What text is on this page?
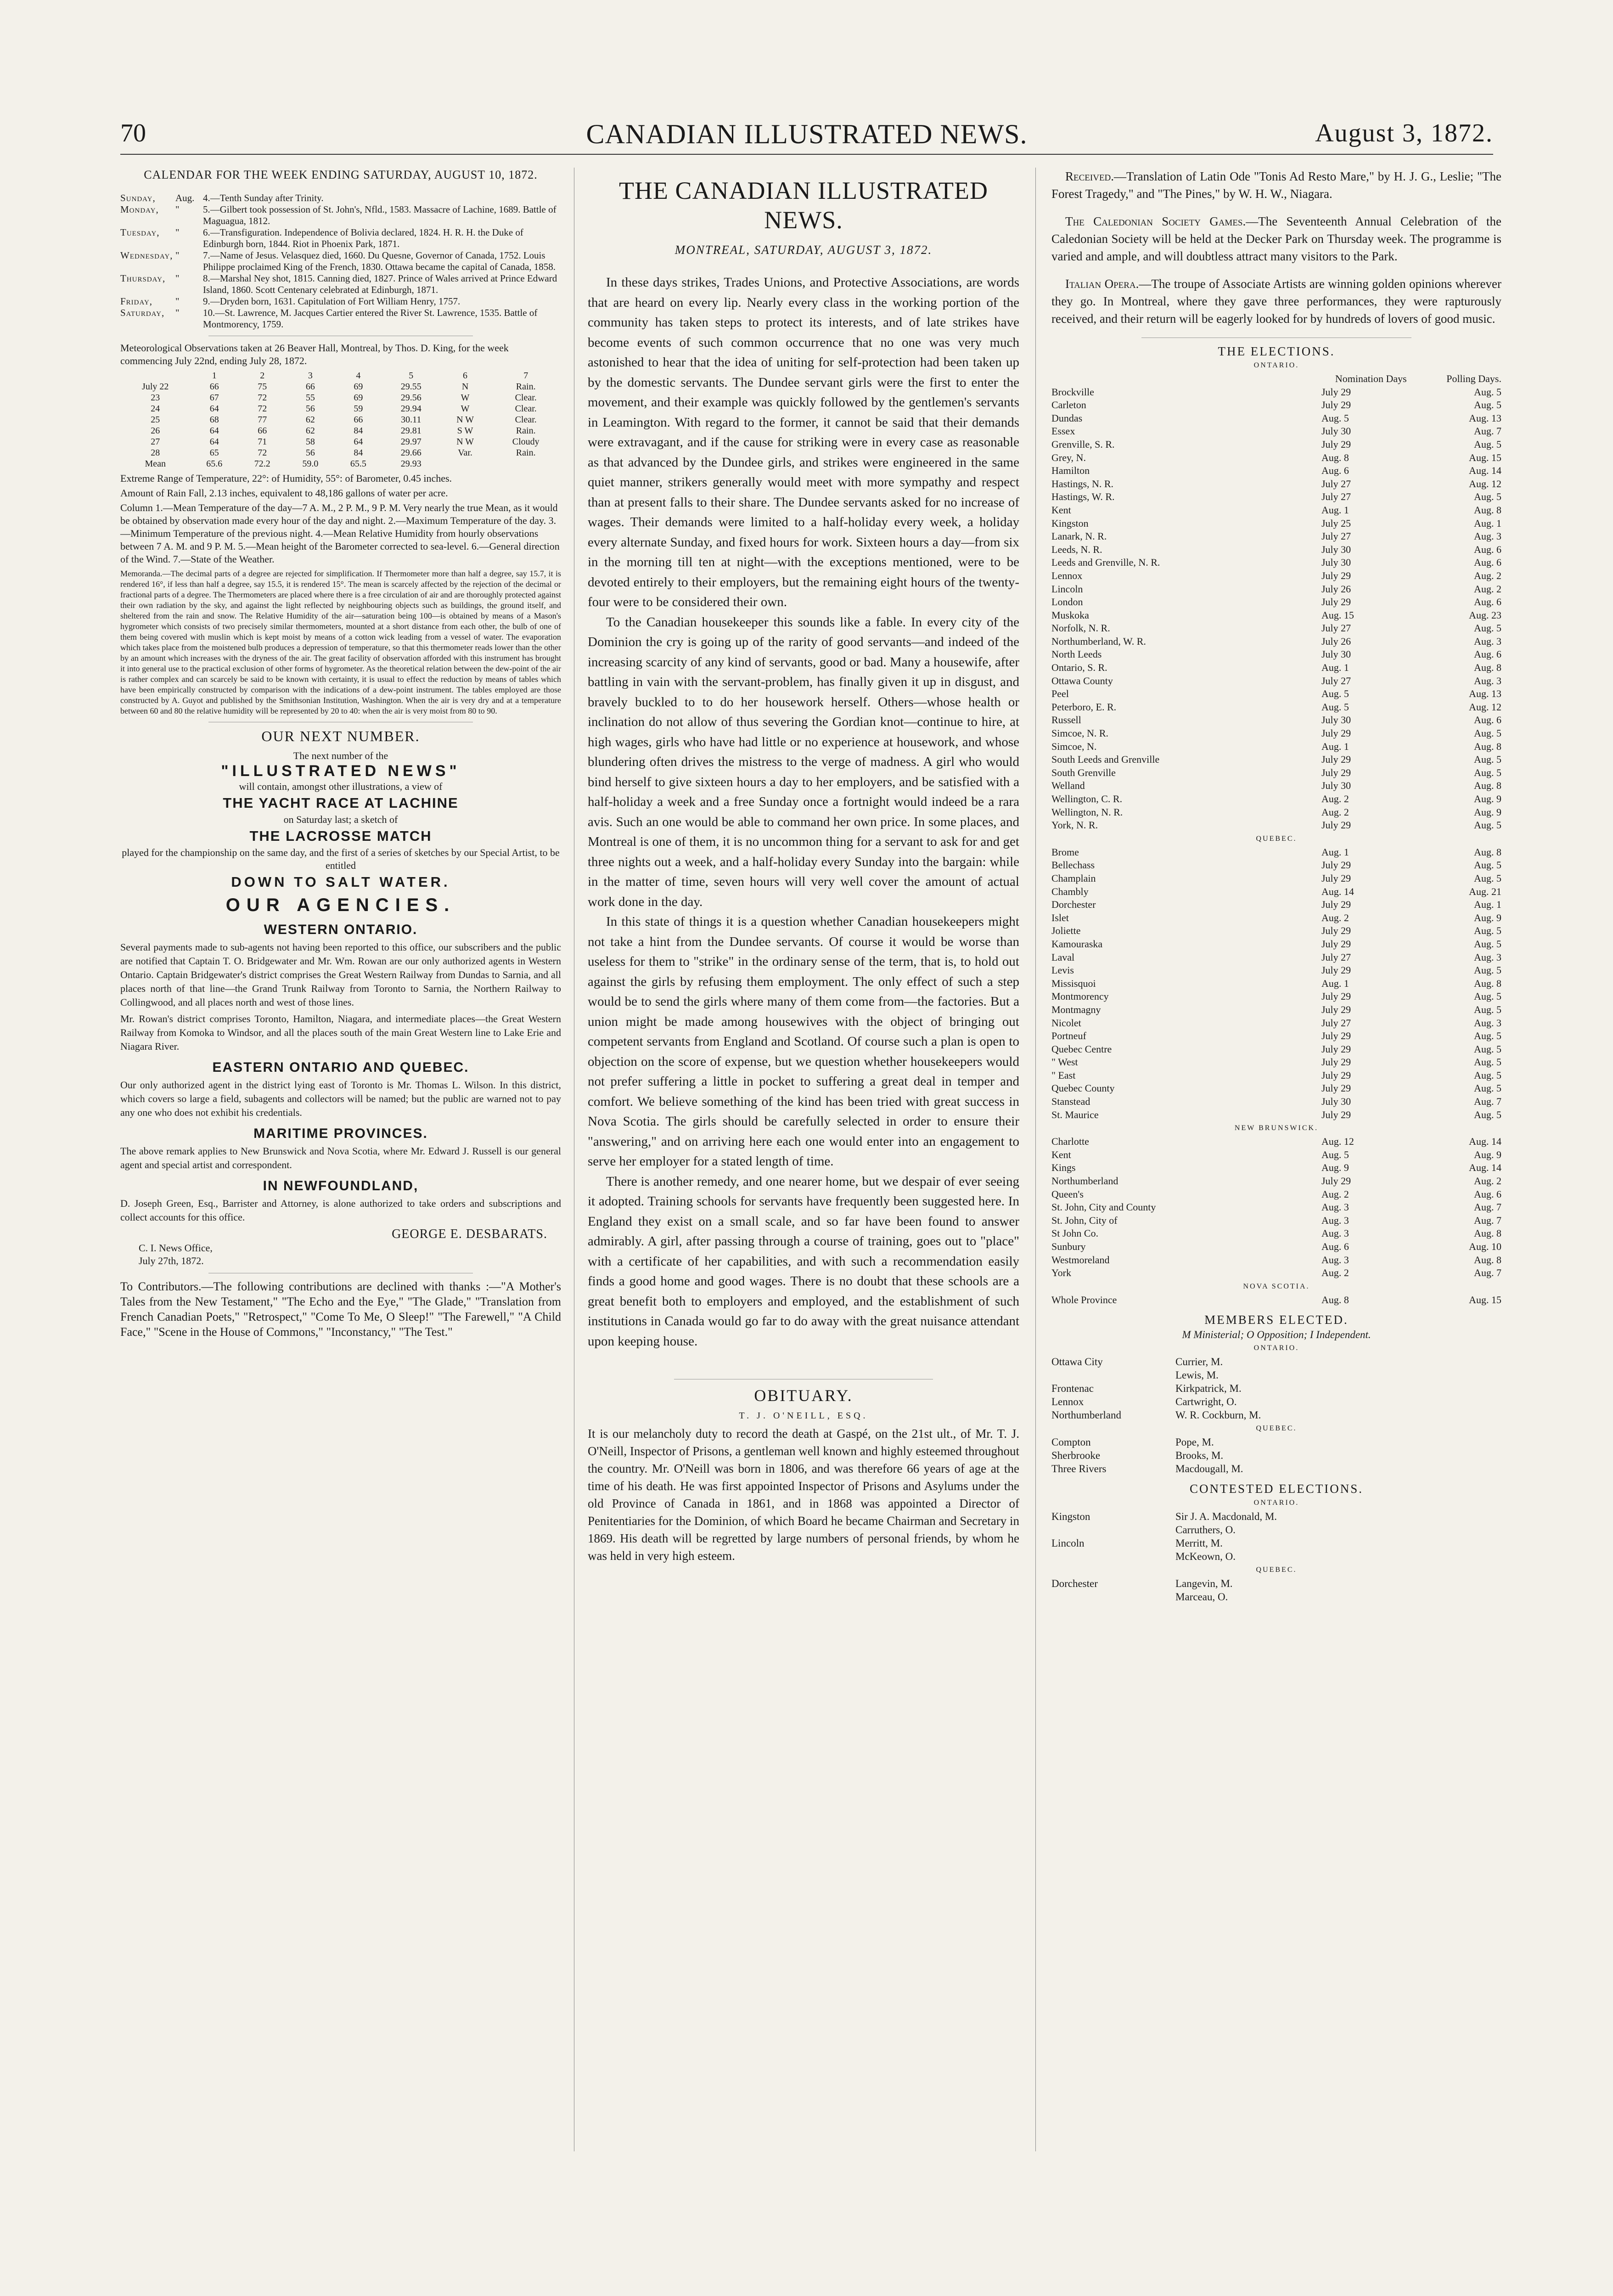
70	CANADIAN ILLUSTRATED NEWS.	August 3, 1872.
CALENDAR FOR THE WEEK ENDING SATURDAY, AUGUST 10, 1872.
Sunday,	Aug. 4.—Tenth Sunday after Trinity.
Monday,	"	5.—Gilbert took possession of St. John's, Nfld., 1583. Massacre of Lachine, 1689. Battle of Maguagua, 1812.
Tuesday,	"	6.—Transfiguration. Independence of Bolivia declared, 1824. H. R. H. the Duke of Edinburgh born, 1844. Riot in Phoenix Park, 1871.
Wednesday, "	7.—Name of Jesus. Velasquez died, 1660. Du Quesne, Governor of Canada, 1752. Louis Philippe proclaimed King of the French, 1830. Ottawa became the capital of Canada, 1858.
Thursday,	"	8.—Marshal Ney shot, 1815. Canning died, 1827. Prince of Wales arrived at Prince Edward Island, 1860. Scott Centenary celebrated at Edinburgh, 1871.
Friday,	"	9.—Dryden born, 1631. Capitulation of Fort William Henry, 1757.
Saturday,	"	10.—St. Lawrence, M. Jacques Cartier entered the River St. Lawrence, 1535. Battle of Montmorency, 1759.
Meteorological Observations taken at 26 Beaver Hall, Montreal, by Thos. D. King, for the week commencing July 22nd, ending July 28, 1872.
	1	2	3	4	5	6	7
July 22	66	75	66	69	29.55	N	Rain.
23	67	72	55	69	29.56	W	Clear.
24	64	72	56	59	29.94	W	Clear.
25	68	77	62	66	30.11	N W	Clear.
26	64	66	62	84	29.81	S W	Rain.
27	64	71	58	64	29.97	N W	Cloudy
28	65	72	56	84	29.66	Var.	Rain.
Mean	65.6	72.2	59.0	65.5	29.93		
Extreme Range of Temperature, 22°: of Humidity, 55°: of Barometer, 0.45 inches.
Amount of Rain Fall, 2.13 inches, equivalent to 48,186 gallons of water per acre.
Column 1.—Mean Temperature of the day—7 A. M., 2 P. M., 9 P. M. Very nearly the true Mean, as it would be obtained by observation made every hour of the day and night. 2.—Maximum Temperature of the day. 3.—Minimum Temperature of the previous night. 4.—Mean Relative Humidity from hourly observations between 7 A. M. and 9 P. M. 5.—Mean height of the Barometer corrected to sea-level. 6.—General direction of the Wind. 7.—State of the Weather.
Memoranda.—The decimal parts of a degree are rejected for simplification. If Thermometer more than half a degree, say 15.7, it is rendered 16°, if less than half a degree, say 15.5, it is rendered 15°. The mean is scarcely affected by the rejection of the decimal or fractional parts of a degree. The Thermometers are placed where there is a free circulation of air and are thoroughly protected against their own radiation by the sky, and against the light reflected by neighbouring objects such as buildings, the ground itself, and sheltered from the rain and snow. The Relative Humidity of the air—saturation being 100—is obtained by means of a Mason's hygrometer which consists of two precisely similar thermometers, mounted at a short distance from each other, the bulb of one of them being covered with muslin which is kept moist by means of a cotton wick leading from a vessel of water. The evaporation which takes place from the moistened bulb produces a depression of temperature, so that this thermometer reads lower than the other by an amount which increases with the dryness of the air. The great facility of observation afforded with this instrument has brought it into general use to the practical exclusion of other forms of hygrometer. As the theoretical relation between the dew-point of the air is rather complex and can scarcely be said to be known with certainty, it is usual to effect the reduction by means of tables which have been empirically constructed by comparison with the indications of a dew-point instrument. The tables employed are those constructed by A. Guyot and published by the Smithsonian Institution, Washington. When the air is very dry and at a temperature between 60 and 80 the relative humidity will be represented by 20 to 40: when the air is very moist from 80 to 90.
OUR NEXT NUMBER.
The next number of the
"ILLUSTRATED NEWS"
will contain, amongst other illustrations, a view of
THE YACHT RACE AT LACHINE
on Saturday last; a sketch of
THE LACROSSE MATCH
played for the championship on the same day, and the first of a series of sketches by our Special Artist, to be entitled
DOWN TO SALT WATER.
OUR AGENCIES.
WESTERN ONTARIO.

Several payments made to sub-agents not having been reported to this office, our subscribers and the public are notified that Captain T. O. Bridgewater and Mr. Wm. Rowan are our only authorized agents in Western Ontario. Captain Bridgewater's district comprises the Great Western Railway from Dundas to Sarnia, and all places north of that line—the Grand Trunk Railway from Toronto to Sarnia, the Northern Railway to Collingwood, and all places north and west of those lines.

Mr. Rowan's district comprises Toronto, Hamilton, Niagara, and intermediate places—the Great Western Railway from Komoka to Windsor, and all the places south of the main Great Western line to Lake Erie and Niagara River.

EASTERN ONTARIO AND QUEBEC.

Our only authorized agent in the district lying east of Toronto is Mr. Thomas L. Wilson. In this district, which covers so large a field, subagents and collectors will be named; but the public are warned not to pay any one who does not exhibit his credentials.

MARITIME PROVINCES.

The above remark applies to New Brunswick and Nova Scotia, where Mr. Edward J. Russell is our general agent and special artist and correspondent.

IN NEWFOUNDLAND,

D. Joseph Green, Esq., Barrister and Attorney, is alone authorized to take orders and subscriptions and collect accounts for this office.

GEORGE E. DESBARATS.
C. I. News Office, July 27th, 1872.
To Contributors.—The following contributions are declined with thanks :—"A Mother's Tales from the New Testament," "The Echo and the Eye," "The Glade," "Translation from French Canadian Poets," "Retrospect," "Come To Me, O Sleep!" "The Farewell," "A Child Face," "Scene in the House of Commons," "Inconstancy," "The Test."
THE CANADIAN ILLUSTRATED NEWS.
MONTREAL, SATURDAY, AUGUST 3, 1872.

In these days strikes, Trades Unions, and Protective Associations, are words that are heard on every lip. Nearly every class in the working portion of the community has taken steps to protect its interests, and of late strikes have become events of such common occurrence that no one was very much astonished to hear that the idea of uniting for self-protection had been taken up by the domestic servants. The Dundee servant girls were the first to enter the movement, and their example was quickly followed by the gentlemen's servants in Leamington. With regard to the former, it cannot be said that their demands were extravagant, and if the cause for striking were in every case as reasonable as that advanced by the Dundee girls, and strikes were engineered in the same quiet manner, strikers generally would meet with more sympathy and respect than at present falls to their share. The Dundee servants asked for no increase of wages. Their demands were limited to a half-holiday every week, a holiday every alternate Sunday, and fixed hours for work. Sixteen hours a day—from six in the morning till ten at night—with the exceptions mentioned, were to be devoted entirely to their employers, but the remaining eight hours of the twenty-four were to be considered their own.

To the Canadian housekeeper this sounds like a fable. In every city of the Dominion the cry is going up of the rarity of good servants—and indeed of the increasing scarcity of any kind of servants, good or bad. Many a housewife, after battling in vain with the servant-problem, has finally given it up in disgust, and bravely buckled to to do her housework herself. Others—whose health or inclination do not allow of thus severing the Gordian knot—continue to hire, at high wages, girls who have had little or no experience at housework, and whose blundering often drives the mistress to the verge of madness. A girl who would bind herself to give sixteen hours a day to her employers, and be satisfied with a half-holiday a week and a free Sunday once a fortnight would indeed be a rara avis. Such an one would be able to command her own price. In some places, and Montreal is one of them, it is no uncommon thing for a servant to ask for and get three nights out a week, and a half-holiday every Sunday into the bargain: while in the matter of time, seven hours will very well cover the amount of actual work done in the day.

In this state of things it is a question whether Canadian housekeepers might not take a hint from the Dundee servants. Of course it would be worse than useless for them to "strike" in the ordinary sense of the term, that is, to hold out against the girls by refusing them employment. The only effect of such a step would be to send the girls where many of them come from—the factories. But a union might be made among housewives with the object of bringing out competent servants from England and Scotland. Of course such a plan is open to objection on the score of expense, but we question whether housekeepers would not prefer suffering a little in pocket to suffering a great deal in temper and comfort. We believe something of the kind has been tried with great success in Nova Scotia. The girls should be carefully selected in order to ensure their "answering," and on arriving here each one would enter into an engagement to serve her employer for a stated length of time.

There is another remedy, and one nearer home, but we despair of ever seeing it adopted. Training schools for servants have frequently been suggested here. In England they exist on a small scale, and so far have been found to answer admirably. A girl, after passing through a course of training, goes out to "place" with a certificate of her capabilities, and with such a recommendation easily finds a good home and good wages. There is no doubt that these schools are a great benefit both to employers and employed, and the establishment of such institutions in Canada would go far to do away with the great nuisance attendant upon keeping house.

OBITUARY.
T. J. O'NEILL, ESQ.
It is our melancholy duty to record the death at Gaspé, on the 21st ult., of Mr. T. J. O'Neill, Inspector of Prisons, a gentleman well known and highly esteemed throughout the country. Mr. O'Neill was born in 1806, and was therefore 66 years of age at the time of his death. He was first appointed Inspector of Prisons and Asylums under the old Province of Canada in 1861, and in 1868 was appointed a Director of Penitentiaries for the Dominion, of which Board he became Chairman and Secretary in 1869. His death will be regretted by large numbers of personal friends, by whom he was held in very high esteem.

Received.—Translation of Latin Ode "Tonis Ad Resto Mare," by H. J. G., Leslie; "The Forest Tragedy," and "The Pines," by W. H. W., Niagara.

The Caledonian Society Games.—The Seventeenth Annual Celebration of the Caledonian Society will be held at the Decker Park on Thursday week. The programme is varied and ample, and will doubtless attract many visitors to the Park.

Italian Opera.—The troupe of Associate Artists are winning golden opinions wherever they go. In Montreal, where they gave three performances, they were rapturously received, and their return will be eagerly looked for by hundreds of lovers of good music.

THE ELECTIONS.
ONTARIO.
	Nomination Days	Polling Days.
Brockville	July 29	Aug. 5
Carleton	July 29	Aug. 5
Dundas	Aug. 5	Aug. 13
Essex	July 30	Aug. 7
Grenville, S. R.	July 29	Aug. 5
Grey, N.	Aug. 8	Aug. 15
Hamilton	Aug. 6	Aug. 14
Hastings, N. R.	July 27	Aug. 12
Hastings, W. R.	July 27	Aug. 5
Kent	Aug. 1	Aug. 8
Kingston	July 25	Aug. 1
Lanark, N. R.	July 27	Aug. 3
Leeds, N. R.	July 30	Aug. 6
Leeds and Grenville, N. R.	July 30	Aug. 6
Lennox	July 29	Aug. 2
Lincoln	July 26	Aug. 2
London	July 29	Aug. 6
Muskoka	Aug. 15	Aug. 23
Norfolk, N. R.	July 27	Aug. 5
Northumberland, W. R.	July 26	Aug. 3
North Leeds	July 30	Aug. 6
Ontario, S. R.	Aug. 1	Aug. 8
Ottawa County	July 27	Aug. 3
Peel	Aug. 5	Aug. 13
Peterboro, E. R.	Aug. 5	Aug. 12
Russell	July 30	Aug. 6
Simcoe, N. R.	July 29	Aug. 5
Simcoe, N.	Aug. 1	Aug. 8
South Leeds and Grenville	July 29	Aug. 5
South Grenville	July 29	Aug. 5
Welland	July 30	Aug. 8
Wellington, C. R.	Aug. 2	Aug. 9
Wellington, N. R.	Aug. 2	Aug. 9
York, N. R.	July 29	Aug. 5
QUEBEC.
Brome	Aug. 1	Aug. 8
Bellechass	July 29	Aug. 5
Champlain	July 29	Aug. 5
Chambly	Aug. 14	Aug. 21
Dorchester	July 29	Aug. 1
Islet	Aug. 2	Aug. 9
Joliette	July 29	Aug. 5
Kamouraska	July 29	Aug. 5
Laval	July 27	Aug. 3
Levis	July 29	Aug. 5
Missisquoi	Aug. 1	Aug. 8
Montmorency	July 29	Aug. 5
Montmagny	July 29	Aug. 5
Nicolet	July 27	Aug. 3
Portneuf	July 29	Aug. 5
Quebec Centre	July 29	Aug. 5
" West	July 29	Aug. 5
" East	July 29	Aug. 5
Quebec County	July 29	Aug. 5
Stanstead	July 30	Aug. 7
St. Maurice	July 29	Aug. 5
NEW BRUNSWICK.
Charlotte	Aug. 12	Aug. 14
Kent	Aug. 5	Aug. 9
Kings	Aug. 9	Aug. 14
Northumberland	July 29	Aug. 2
Queen's	Aug. 2	Aug. 6
St. John, City and County	Aug. 3	Aug. 7
St. John, City of	Aug. 3	Aug. 7
St John Co.	Aug. 3	Aug. 8
Sunbury	Aug. 6	Aug. 10
Westmoreland	Aug. 3	Aug. 8
York	Aug. 2	Aug. 7
NOVA SCOTIA.
Whole Province	Aug. 8	Aug. 15
MEMBERS ELECTED.
M Ministerial; O Opposition; I Independent.
ONTARIO.
Ottawa City	Currier, M.
Lewis, M.
Frontenac	Kirkpatrick, M.
Lennox	Cartwright, O.
Northumberland	W. R. Cockburn, M.
QUEBEC.
Compton	Pope, M.
Sherbrooke	Brooks, M.
Three Rivers	Macdougall, M.
CONTESTED ELECTIONS.
ONTARIO.
Kingston	Sir J. A. Macdonald, M.
Carruthers, O.
Lincoln	Merritt, M.
McKeown, O.
QUEBEC.
Dorchester	Langevin, M.
Marceau, O.
